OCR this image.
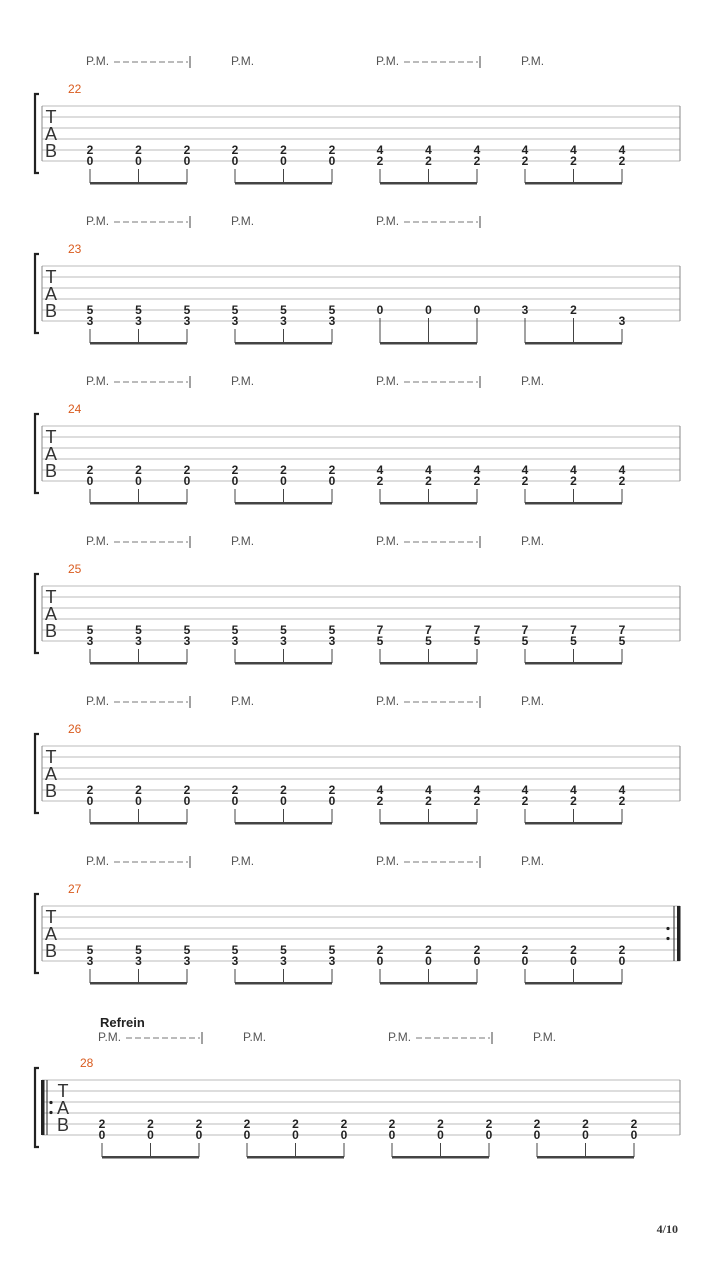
P.M.	P.M.	P.M.	P.M.
22
T
A
B 2
0
2
0
2
0
2
0
2
0
2
0
4
2
4
2
4
2
4
2
4
2
4
2
P.M.	P.M.	P.M.
23
T
A
B 5
3
5
3
5
3
5
3
5
3
5
3
0	0	0	3	2
3
P.M.	P.M.	P.M.	P.M.
24
T
A
B 2
0
2
0
2
0
2
0
2
0
2
0
4
2
4
2
4
2
4
2
4
2
4
2
P.M.	P.M.	P.M.	P.M.
25
T
A
B 5
3
5
3
5
3
5
3
5
3
5
3
7
5
7
5
7
5
7
5
7
5
7
5
P.M.	P.M.	P.M.	P.M.
26
T
A
B 2
0
2
0
2
0
2
0
2
0
2
0
4
2
4
2
4
2
4
2
4
2
4
2
P.M.	P.M.	P.M.	P.M.
27
T
A
B 5
3
5
3
5
3
5
3
5
3
5
3
2
0
2
0
2
0
2
0
2
0
2
0
Refrein
P.M.	P.M.	P.M.	P.M.
28
T
A
B 2
0
2
0
2
0
2
0
2
0
2
0
2
0
2
0
2
0
2
0
2
0
2
0
4/10
